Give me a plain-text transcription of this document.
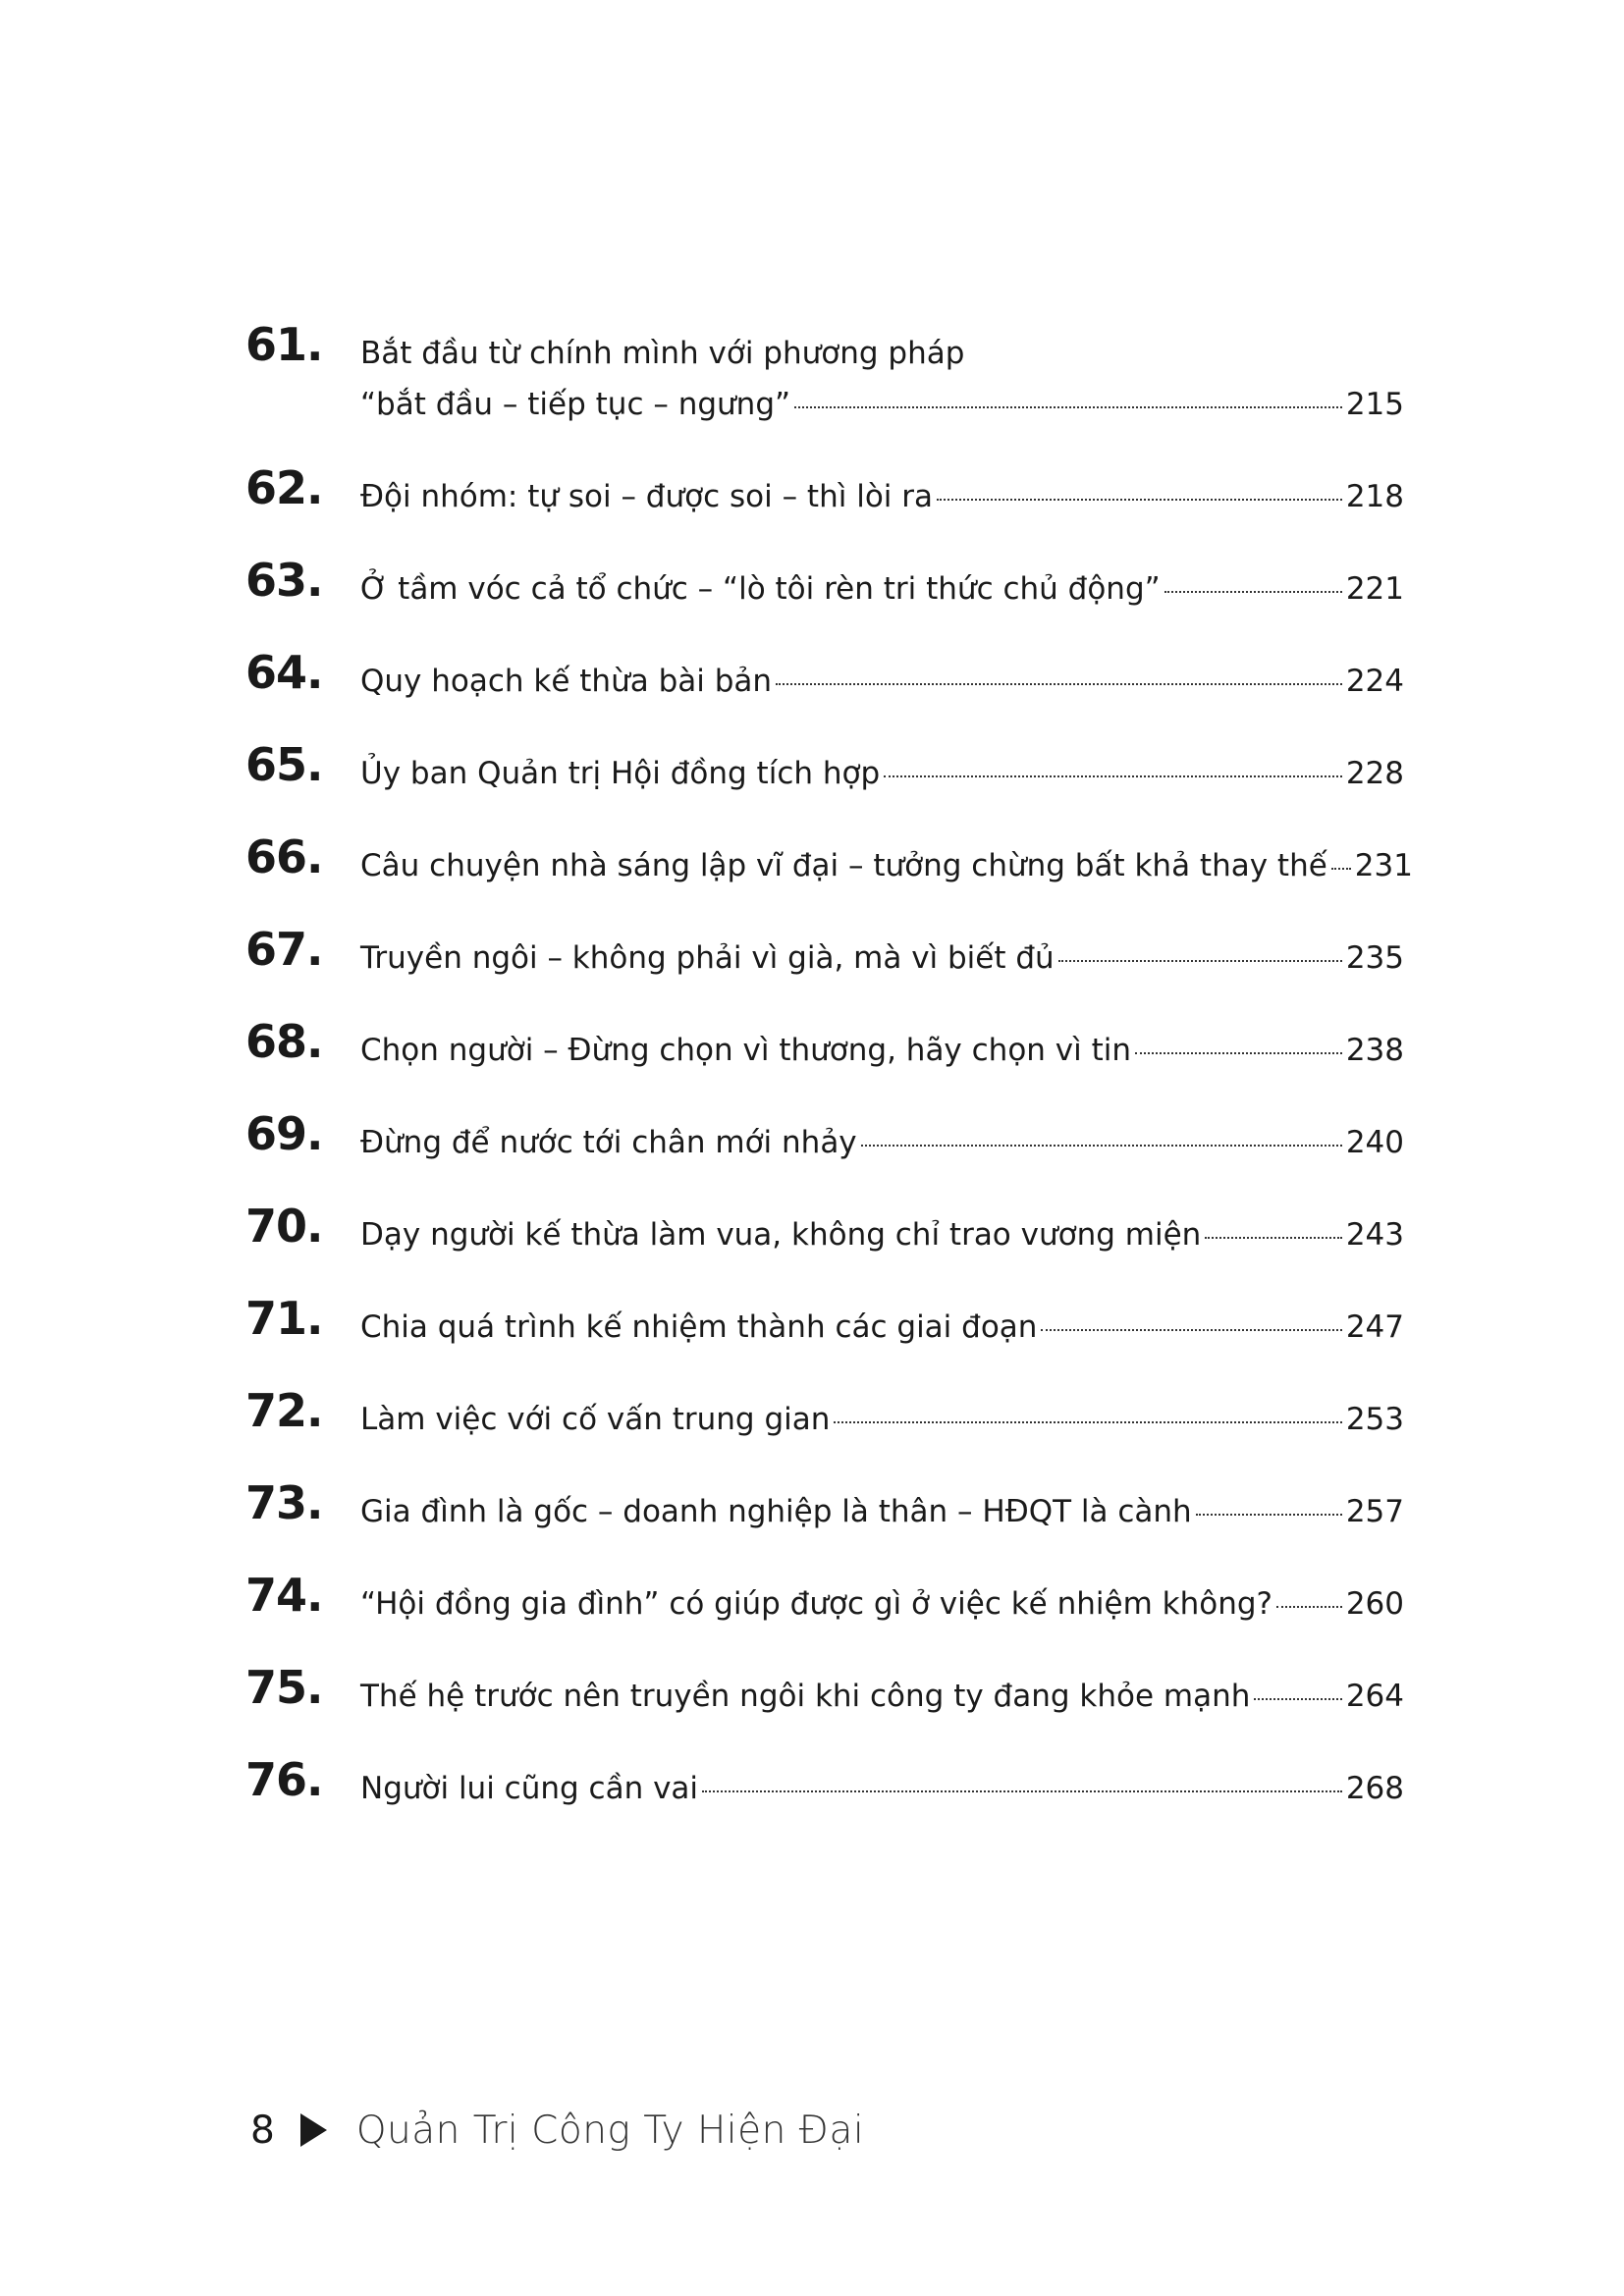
61. Bắt đầu từ chính mình với phương pháp
“bắt đầu – tiếp tục – ngưng”	215
62. Đội nhóm: tự soi – được soi – thì lòi ra	218
63. Ở tầm vóc cả tổ chức – “lò tôi rèn tri thức chủ động”	221
64. Quy hoạch kế thừa bài bản	224
65. Ủy ban Quản trị Hội đồng tích hợp	228
66. Câu chuyện nhà sáng lập vĩ đại – tưởng chừng bất khả thay thế 231
67. Truyền ngôi – không phải vì già, mà vì biết đủ	235
68. Chọn người – Đừng chọn vì thương, hãy chọn vì tin	238
69. Đừng để nước tới chân mới nhảy	240
70. Dạy người kế thừa làm vua, không chỉ trao vương miện	243
71. Chia quá trình kế nhiệm thành các giai đoạn	247
72. Làm việc với cố vấn trung gian	253
73. Gia đình là gốc – doanh nghiệp là thân – HĐQT là cành	257
74. “Hội đồng gia đình” có giúp được gì ở việc kế nhiệm không? 260
75. Thế hệ trước nên truyền ngôi khi công ty đang khỏe mạnh	264
76. Người lui cũng cần vai	268
8 Quản Trị Công Ty Hiện Đại
